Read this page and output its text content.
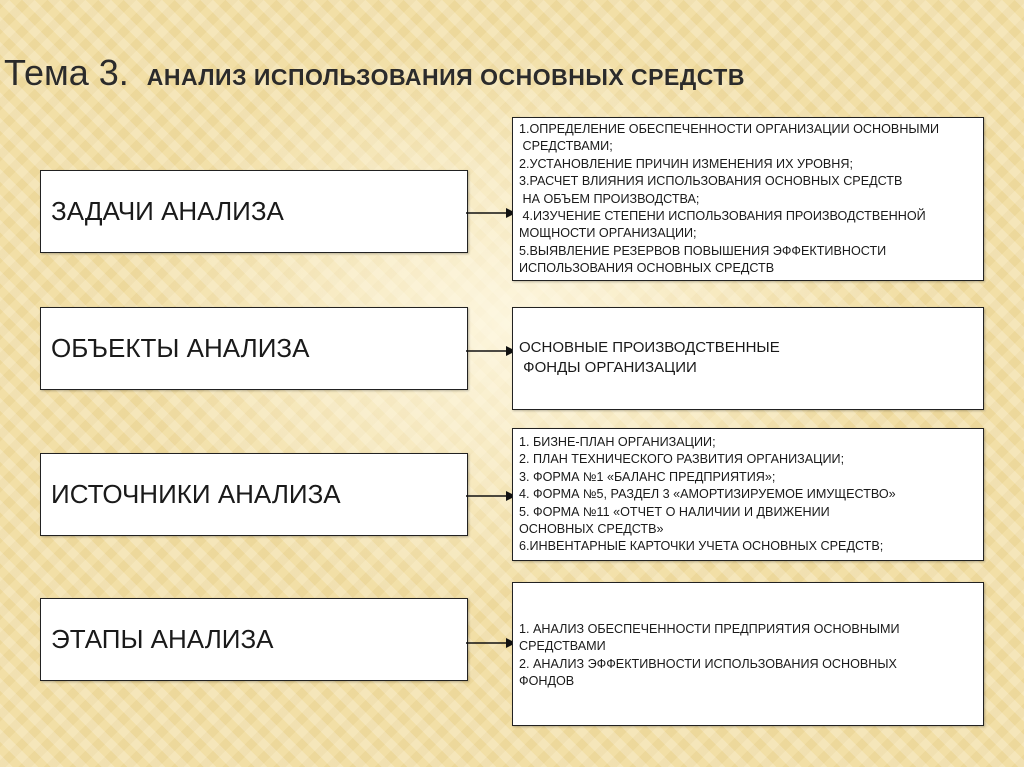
Тема 3. АНАЛИЗ ИСПОЛЬЗОВАНИЯ ОСНОВНЫХ СРЕДСТВ
ЗАДАЧИ АНАЛИЗА
1.ОПРЕДЕЛЕНИЕ ОБЕСПЕЧЕННОСТИ ОРГАНИЗАЦИИ ОСНОВНЫМИ
СРЕДСТВАМИ;
2.УСТАНОВЛЕНИЕ ПРИЧИН ИЗМЕНЕНИЯ ИХ УРОВНЯ;
3.РАСЧЕТ ВЛИЯНИЯ ИСПОЛЬЗОВАНИЯ ОСНОВНЫХ СРЕДСТВ
НА ОБЪЕМ ПРОИЗВОДСТВА;
4.ИЗУЧЕНИЕ СТЕПЕНИ ИСПОЛЬЗОВАНИЯ ПРОИЗВОДСТВЕННОЙ
МОЩНОСТИ ОРГАНИЗАЦИИ;
5.ВЫЯВЛЕНИЕ РЕЗЕРВОВ ПОВЫШЕНИЯ ЭФФЕКТИВНОСТИ
ИСПОЛЬЗОВАНИЯ ОСНОВНЫХ СРЕДСТВ
ОБЪЕКТЫ АНАЛИЗА	ОСНОВНЫЕ ПРОИЗВОДСТВЕННЫЕ
ФОНДЫ ОРГАНИЗАЦИИ
ИСТОЧНИКИ АНАЛИЗА
1. БИЗНЕ-ПЛАН ОРГАНИЗАЦИИ;
2. ПЛАН ТЕХНИЧЕСКОГО РАЗВИТИЯ ОРГАНИЗАЦИИ;
3. ФОРМА №1 «БАЛАНС ПРЕДПРИЯТИЯ»;
4. ФОРМА №5, РАЗДЕЛ 3 «АМОРТИЗИРУЕМОЕ ИМУЩЕСТВО»
5. ФОРМА №11 «ОТЧЕТ О НАЛИЧИИ И ДВИЖЕНИИ
ОСНОВНЫХ СРЕДСТВ»
6.ИНВЕНТАРНЫЕ КАРТОЧКИ УЧЕТА ОСНОВНЫХ СРЕДСТВ;
ЭТАПЫ АНАЛИЗА	1. АНАЛИЗ ОБЕСПЕЧЕННОСТИ ПРЕДПРИЯТИЯ ОСНОВНЫМИ
СРЕДСТВАМИ
2. АНАЛИЗ ЭФФЕКТИВНОСТИ ИСПОЛЬЗОВАНИЯ ОСНОВНЫХ
ФОНДОВ
